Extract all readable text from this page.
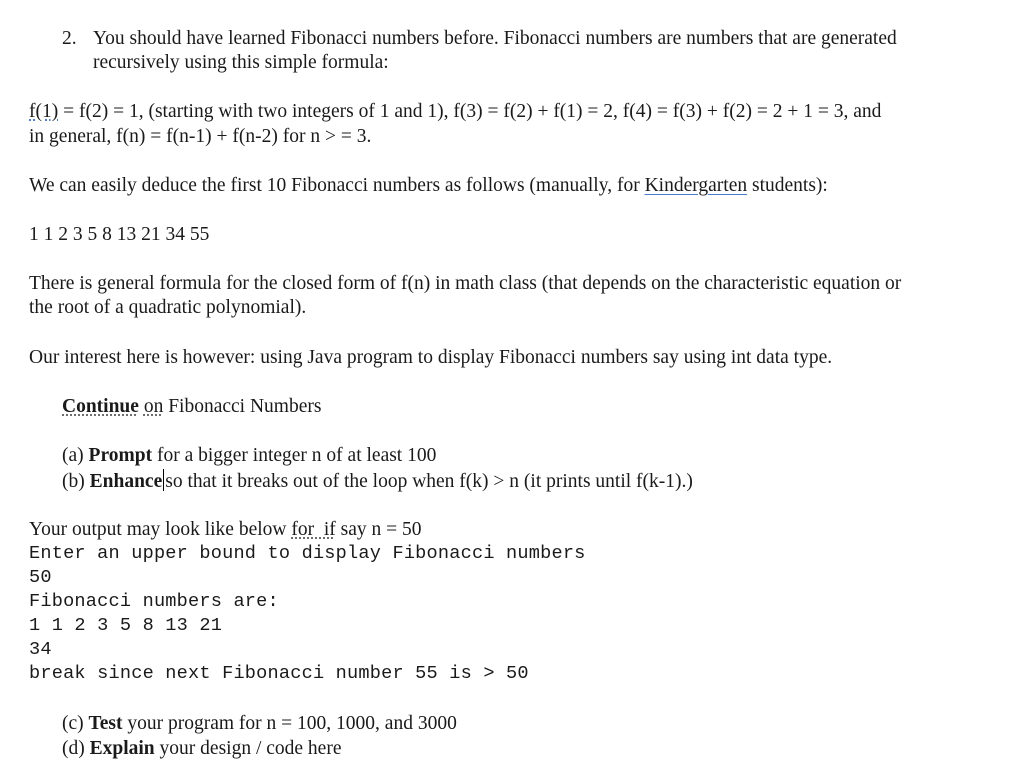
2. You should have learned Fibonacci numbers before. Fibonacci numbers are numbers that are generated
recursively using this simple formula:
f(1) = f(2) = 1, (starting with two integers of 1 and 1), f(3) = f(2) + f(1) = 2, f(4) = f(3) + f(2) = 2 + 1 = 3, and
in general, f(n) = f(n-1) + f(n-2) for n > = 3.
We can easily deduce the first 10 Fibonacci numbers as follows (manually, for Kindergarten students):
1 1 2 3 5 8 13 21 34 55
There is general formula for the closed form of f(n) in math class (that depends on the characteristic equation or
the root of a quadratic polynomial).
Our interest here is however: using Java program to display Fibonacci numbers say using int data type.
Continue on Fibonacci Numbers
(a) Prompt for a bigger integer n of at least 100
(b) Enhance so that it breaks out of the loop when f(k) > n (it prints until f(k-1).)
Your output may look like below for  if say n = 50
Enter an upper bound to display Fibonacci numbers
50
Fibonacci numbers are:
1 1 2 3 5 8 13 21
34
break since next Fibonacci number 55 is > 50
(c) Test your program for n = 100, 1000, and 3000
(d) Explain your design / code here
